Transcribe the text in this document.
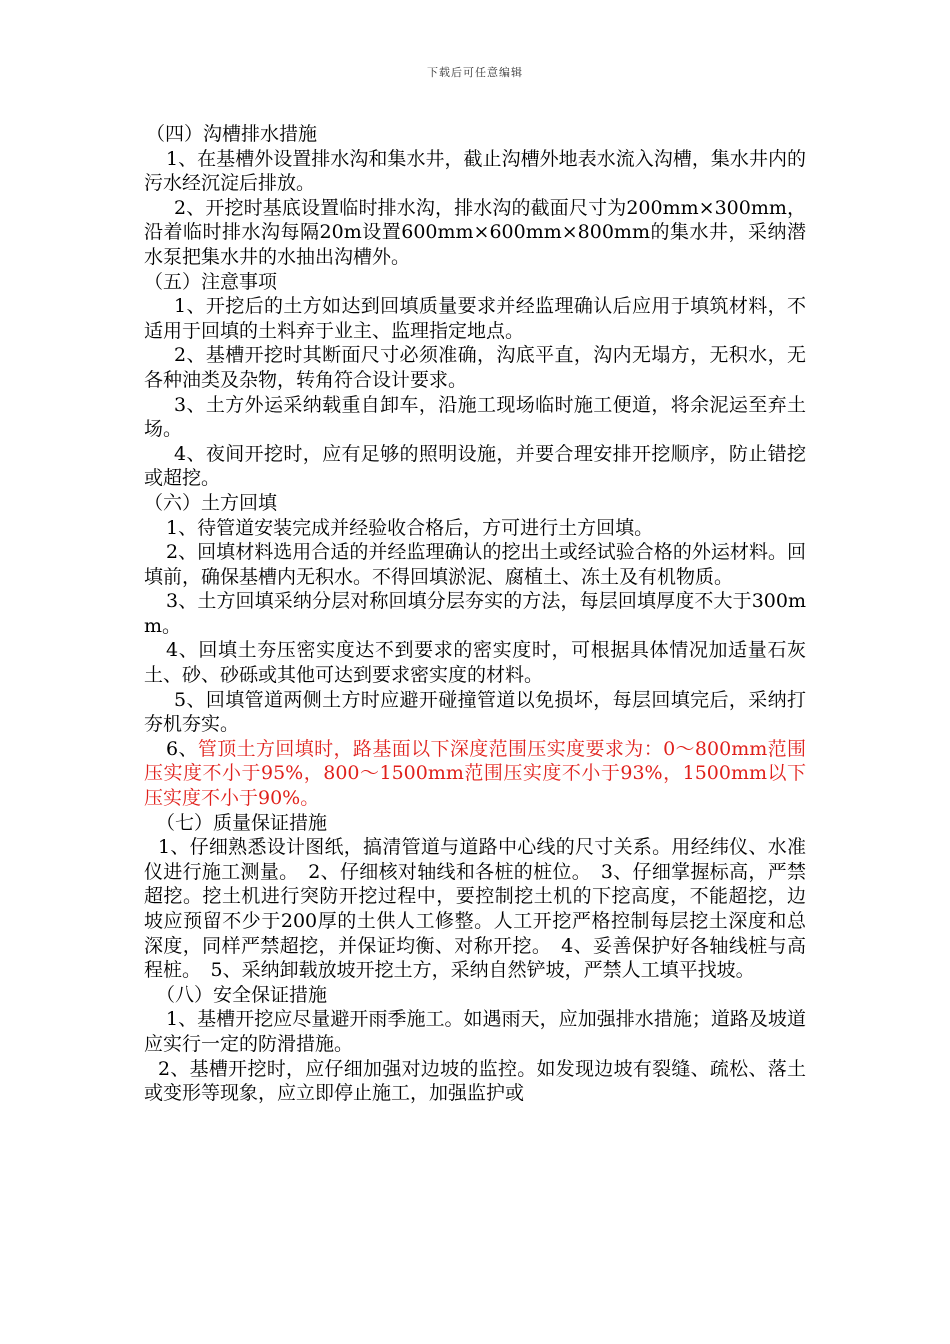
下载后可任意编辑

（四）沟槽排水措施

1、在基槽外设置排水沟和集水井，截止沟槽外地表水流入沟槽，集水井内的污水经沉淀后排放。

2、开挖时基底设置临时排水沟，排水沟的截面尺寸为200mm×300mm，沿着临时排水沟每隔20m设置600mm×600mm×800mm的集水井，采纳潜水泵把集水井的水抽出沟槽外。

（五）注意事项

1、开挖后的土方如达到回填质量要求并经监理确认后应用于填筑材料，不适用于回填的土料弃于业主、监理指定地点。

2、基槽开挖时其断面尺寸必须准确，沟底平直，沟内无塌方，无积水，无各种油类及杂物，转角符合设计要求。

3、土方外运采纳载重自卸车，沿施工现场临时施工便道，将余泥运至弃土场。

4、夜间开挖时，应有足够的照明设施，并要合理安排开挖顺序，防止错挖或超挖。

（六）土方回填

1、待管道安装完成并经验收合格后，方可进行土方回填。

2、回填材料选用合适的并经监理确认的挖出土或经试验合格的外运材料。回填前，确保基槽内无积水。不得回填淤泥、腐植土、冻土及有机物质。

3、土方回填采纳分层对称回填分层夯实的方法，每层回填厚度不大于300mm。

4、回填土夯压密实度达不到要求的密实度时，可根据具体情况加适量石灰土、砂、砂砾或其他可达到要求密实度的材料。

5、回填管道两侧土方时应避开碰撞管道以免损坏，每层回填完后，采纳打夯机夯实。

6、管顶土方回填时，路基面以下深度范围压实度要求为：0～800mm范围压实度不小于95%，800～1500mm范围压实度不小于93%，1500mm以下压实度不小于90%。

（七）质量保证措施

1、仔细熟悉设计图纸，搞清管道与道路中心线的尺寸关系。用经纬仪、水准仪进行施工测量。　2、仔细核对轴线和各桩的桩位。　3、仔细掌握标高，严禁超挖。挖土机进行突防开挖过程中，要控制挖土机的下挖高度，不能超挖，边坡应预留不少于200厚的土供人工修整。人工开挖严格控制每层挖土深度和总深度，同样严禁超挖，并保证均衡、对称开挖。　4、妥善保护好各轴线桩与高程桩。　5、采纳卸载放坡开挖土方，采纳自然铲坡，严禁人工填平找坡。

（八）安全保证措施

1、基槽开挖应尽量避开雨季施工。如遇雨天，应加强排水措施；道路及坡道应实行一定的防滑措施。

2、基槽开挖时，应仔细加强对边坡的监控。如发现边坡有裂缝、疏松、落土或变形等现象，应立即停止施工，加强监护或
